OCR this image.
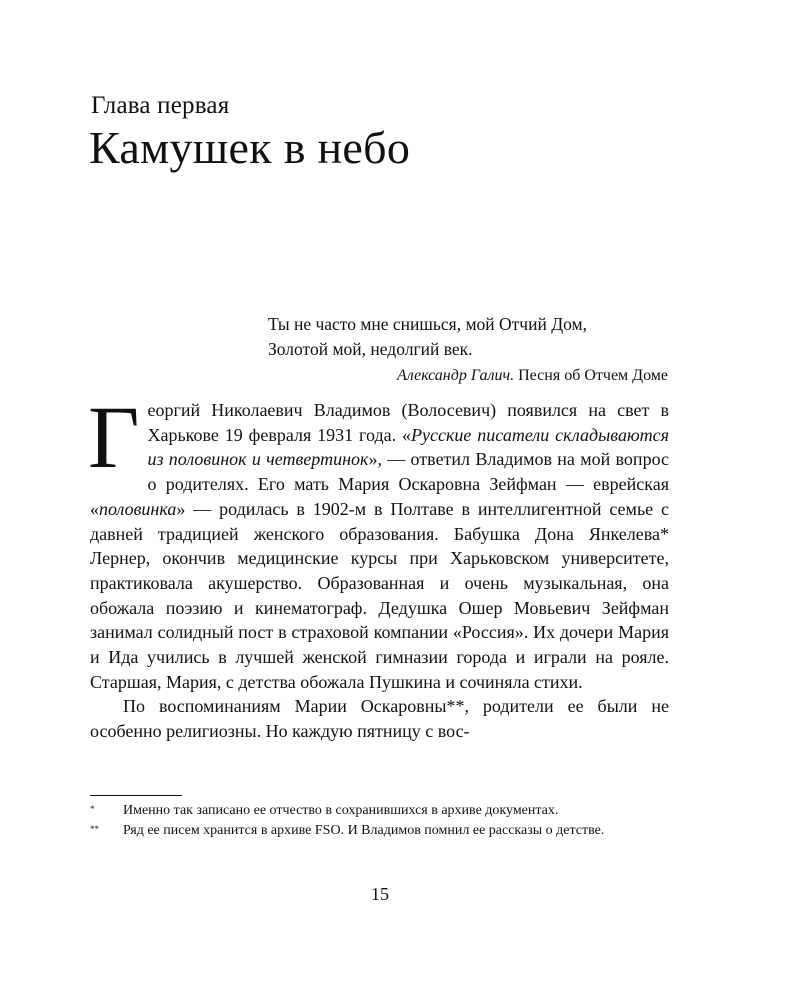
Глава первая
Камушек в небо
Ты не часто мне снишься, мой Отчий Дом,
Золотой мой, недолгий век.
Александр Галич. Песня об Отчем Доме

Георгий Николаевич Владимов (Волосевич) появился на свет в Харькове 19 февраля 1931 года. «Русские писатели складываются из половинок и четвертинок», — ответил Владимов на мой вопрос о родителях. Его мать Мария Оскаровна Зейфман — еврейская «половинка» — родилась в 1902-м в Полтаве в интеллигентной семье с давней традицией женского образования. Бабушка Дона Янкелева* Лернер, окончив медицинские курсы при Харьковском университете, практиковала акушерство. Образованная и очень музыкальная, она обожала поэзию и кинематограф. Дедушка Ошер Мовьевич Зейфман занимал солидный пост в страховой компании «Россия». Их дочери Мария и Ида учились в лучшей женской гимназии города и играли на рояле. Старшая, Мария, с детства обожала Пушкина и сочиняла стихи.

По воспоминаниям Марии Оскаровны**, родители ее были не особенно религиозны. Но каждую пятницу с вос-

* Именно так записано ее отчество в сохранившихся в архиве документах.

** Ряд ее писем хранится в архиве FSO. И Владимов помнил ее рассказы о детстве.

15
